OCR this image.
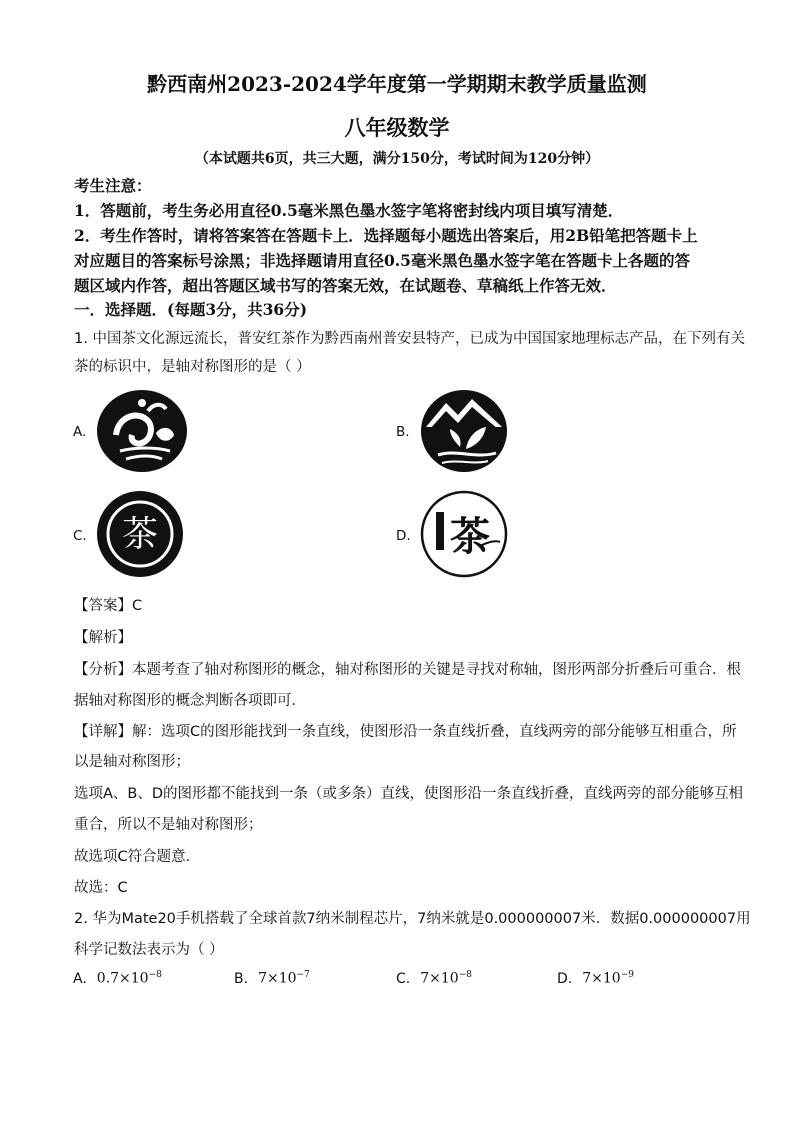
黔西南州2023-2024学年度第一学期期末教学质量监测
八年级数学
（本试题共6页，共三大题，满分150分，考试时间为120分钟）
考生注意：
1．答题前，考生务必用直径0.5毫米黑色墨水签字笔将密封线内项目填写清楚．
2．考生作答时，请将答案答在答题卡上．选择题每小题选出答案后，用2B铅笔把答题卡上
对应题目的答案标号涂黑；非选择题请用直径0.5毫米黑色墨水签字笔在答题卡上各题的答
题区域内作答，超出答题区域书写的答案无效，在试题卷、草稿纸上作答无效．
一．选择题．(每题3分，共36分)
1. 中国茶文化源远流长，普安红茶作为黔西南州普安县特产，已成为中国国家地理标志产品，在下列有关
茶的标识中，是轴对称图形的是（ ）
A.	B.
C. 茶	D. 茶
【答案】C
【解析】
【分析】本题考查了轴对称图形的概念，轴对称图形的关键是寻找对称轴，图形两部分折叠后可重合．根
据轴对称图形的概念判断各项即可．
【详解】解：选项C的图形能找到一条直线，使图形沿一条直线折叠，直线两旁的部分能够互相重合，所
以是轴对称图形；
选项A、B、D的图形都不能找到一条（或多条）直线，使图形沿一条直线折叠，直线两旁的部分能够互相
重合，所以不是轴对称图形；
故选项C符合题意．
故选：C
2. 华为Mate20手机搭载了全球首款7纳米制程芯片，7纳米就是0.000000007米．数据0.000000007用
科学记数法表示为（ ）
A. $0.7\times 10^{-8}$	B. $7\times 10^{-7}$	C. $7\times 10^{-8}$	D. $7\times 10^{-9}$
